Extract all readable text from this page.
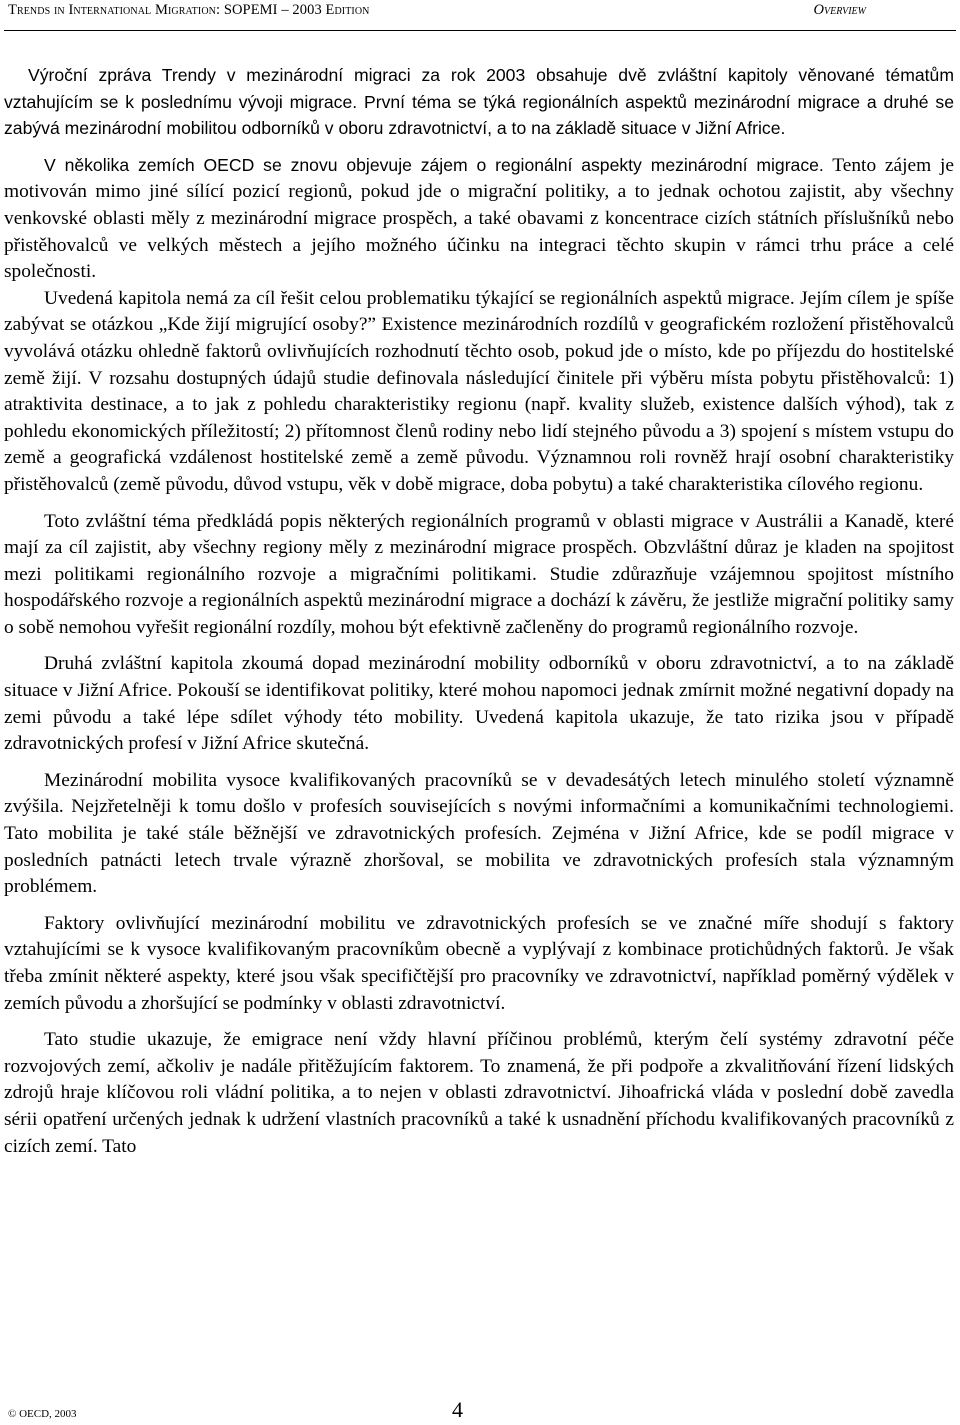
Trends in International Migration: SOPEMI – 2003 Edition	Overview

Výroční zpráva Trendy v mezinárodní migraci za rok 2003 obsahuje dvě zvláštní kapitoly věnované tématům vztahujícím se k poslednímu vývoji migrace. První téma se týká regionálních aspektů mezinárodní migrace a druhé se zabývá mezinárodní mobilitou odborníků v oboru zdravotnictví, a to na základě situace v Jižní Africe.

V několika zemích OECD se znovu objevuje zájem o regionální aspekty mezinárodní migrace. Tento zájem je motivován mimo jiné sílící pozicí regionů, pokud jde o migrační politiky, a to jednak ochotou zajistit, aby všechny venkovské oblasti měly z mezinárodní migrace prospěch, a také obavami z koncentrace cizích státních příslušníků nebo přistěhovalců ve velkých městech a jejího možného účinku na integraci těchto skupin v rámci trhu práce a celé společnosti.

Uvedená kapitola nemá za cíl řešit celou problematiku týkající se regionálních aspektů migrace. Jejím cílem je spíše zabývat se otázkou „Kde žijí migrující osoby?” Existence mezinárodních rozdílů v geografickém rozložení přistěhovalců vyvolává otázku ohledně faktorů ovlivňujících rozhodnutí těchto osob, pokud jde o místo, kde po příjezdu do hostitelské země žijí. V rozsahu dostupných údajů studie definovala následující činitele při výběru místa pobytu přistěhovalců: 1) atraktivita destinace, a to jak z pohledu charakteristiky regionu (např. kvality služeb, existence dalších výhod), tak z pohledu ekonomických příležitostí; 2) přítomnost členů rodiny nebo lidí stejného původu a 3) spojení s místem vstupu do země a geografická vzdálenost hostitelské země a země původu. Významnou roli rovněž hrají osobní charakteristiky přistěhovalců (země původu, důvod vstupu, věk v době migrace, doba pobytu) a také charakteristika cílového regionu.

Toto zvláštní téma předkládá popis některých regionálních programů v oblasti migrace v Austrálii a Kanadě, které mají za cíl zajistit, aby všechny regiony měly z mezinárodní migrace prospěch. Obzvláštní důraz je kladen na spojitost mezi politikami regionálního rozvoje a migračními politikami. Studie zdůrazňuje vzájemnou spojitost místního hospodářského rozvoje a regionálních aspektů mezinárodní migrace a dochází k závěru, že jestliže migrační politiky samy o sobě nemohou vyřešit regionální rozdíly, mohou být efektivně začleněny do programů regionálního rozvoje.

Druhá zvláštní kapitola zkoumá dopad mezinárodní mobility odborníků v oboru zdravotnictví, a to na základě situace v Jižní Africe. Pokouší se identifikovat politiky, které mohou napomoci jednak zmírnit možné negativní dopady na zemi původu a také lépe sdílet výhody této mobility. Uvedená kapitola ukazuje, že tato rizika jsou v případě zdravotnických profesí v Jižní Africe skutečná.

Mezinárodní mobilita vysoce kvalifikovaných pracovníků se v devadesátých letech minulého století významně zvýšila. Nejzřetelněji k tomu došlo v profesích souvisejících s novými informačními a komunikačními technologiemi. Tato mobilita je také stále běžnější ve zdravotnických profesích. Zejména v Jižní Africe, kde se podíl migrace v posledních patnácti letech trvale výrazně zhoršoval, se mobilita ve zdravotnických profesích stala významným problémem.

Faktory ovlivňující mezinárodní mobilitu ve zdravotnických profesích se ve značné míře shodují s faktory vztahujícími se k vysoce kvalifikovaným pracovníkům obecně a vyplývají z kombinace protichůdných faktorů. Je však třeba zmínit některé aspekty, které jsou však specifičtější pro pracovníky ve zdravotnictví, například poměrný výdělek v zemích původu a zhoršující se podmínky v oblasti zdravotnictví.

Tato studie ukazuje, že emigrace není vždy hlavní příčinou problémů, kterým čelí systémy zdravotní péče rozvojových zemí, ačkoliv je nadále přitěžujícím faktorem. To znamená, že při podpoře a zkvalitňování řízení lidských zdrojů hraje klíčovou roli vládní politika, a to nejen v oblasti zdravotnictví. Jihoafrická vláda v poslední době zavedla sérii opatření určených jednak k udržení vlastních pracovníků a také k usnadnění příchodu kvalifikovaných pracovníků z cizích zemí. Tato

© OECD, 2003	4
